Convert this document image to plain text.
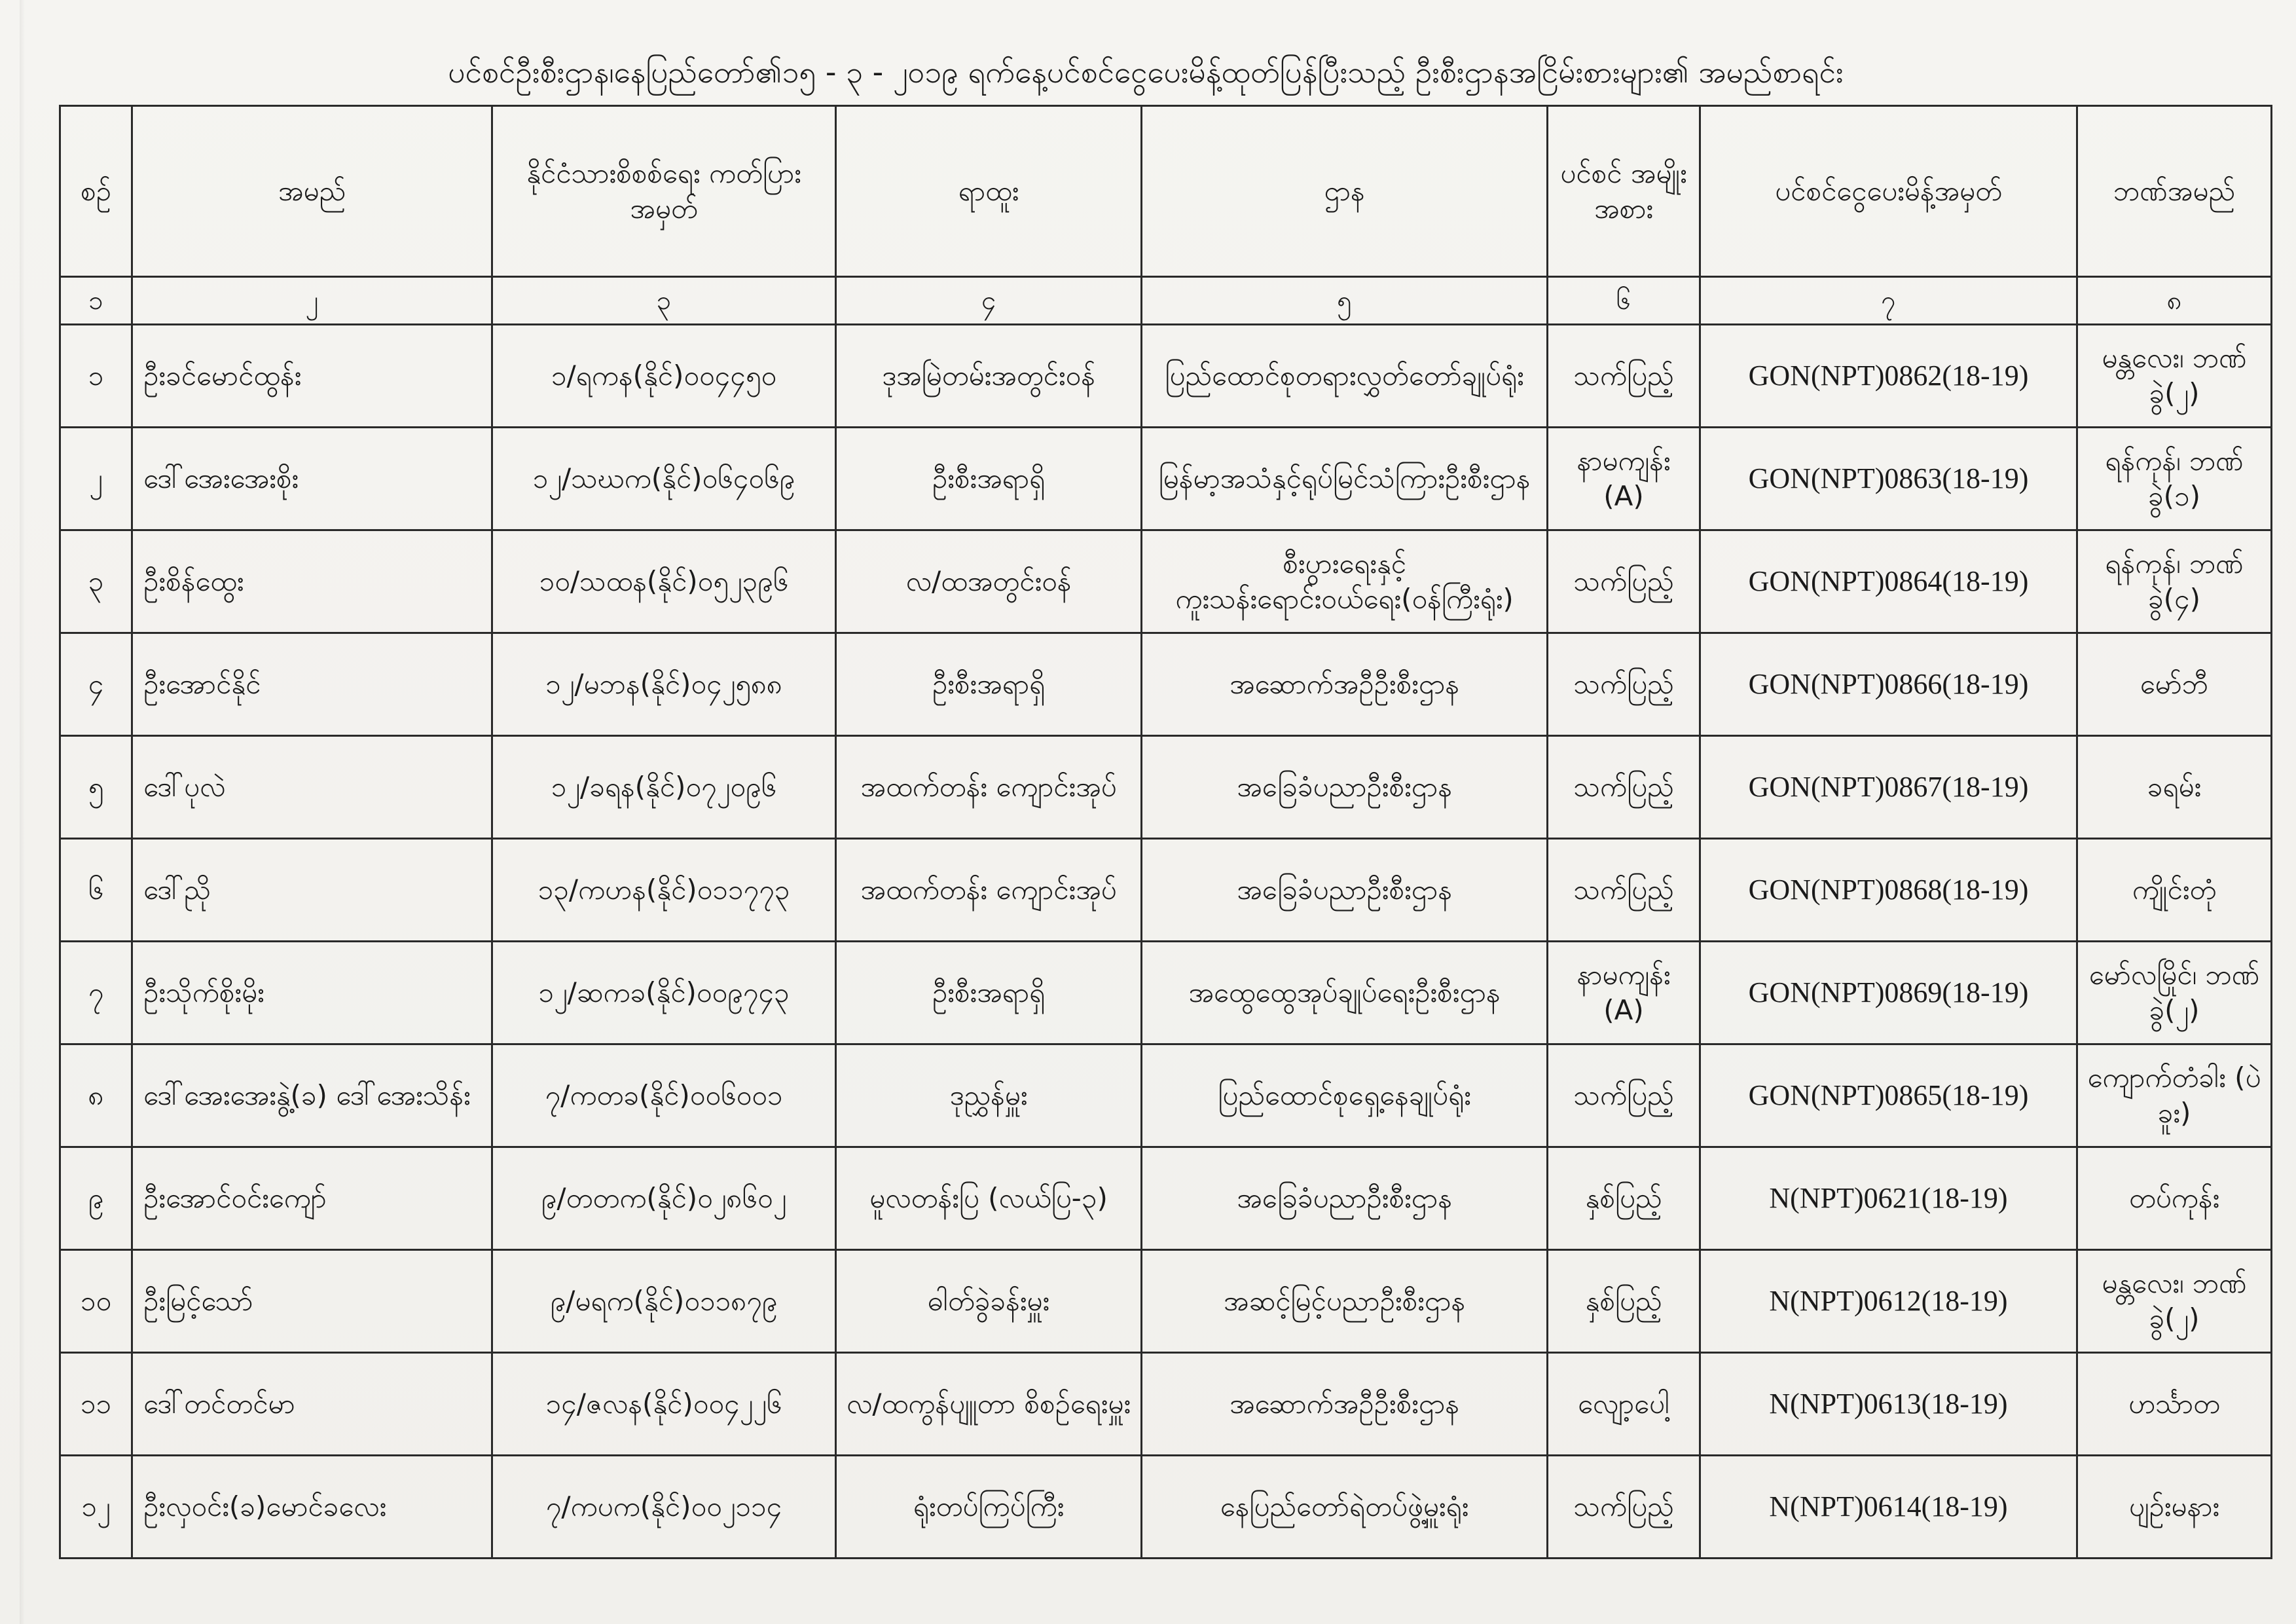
ပင်စင်ဦးစီးဌာန၊နေပြည်တော်၏၁၅ - ၃ - ၂၀၁၉ ရက်နေ့ပင်စင်ငွေပေးမိန့်ထုတ်ပြန်ပြီးသည့် ဦးစီးဌာနအငြိမ်းစားများ၏ အမည်စာရင်း
စဉ်	အမည်	နိုင်ငံသားစိစစ်ရေး ကတ်ပြားအမှတ်	ရာထူး	ဌာန	ပင်စင် အမျိုး အစား	ပင်စင်ငွေပေးမိန့်အမှတ်	ဘဏ်အမည်
၁	၂	၃	၄	၅	၆	၇	၈
၁	ဦးခင်မောင်ထွန်း	၁/ရကန(နိုင်)၀၀၄၄၅၀	ဒုအမြဲတမ်းအတွင်းဝန်	ပြည်ထောင်စုတရားလွှတ်တော်ချုပ်ရုံး	သက်ပြည့်	GON(NPT)0862(18-19)	မန္တလေး၊ ဘဏ်ခွဲ(၂)
၂	ဒေါ်အေးအေးစိုး	၁၂/သဃက(နိုင်)၀၆၄၀၆၉	ဦးစီးအရာရှိ	မြန်မာ့အသံနှင့်ရုပ်မြင်သံကြားဦးစီးဌာန	နာမကျန်း (A)	GON(NPT)0863(18-19)	ရန်ကုန်၊ ဘဏ်ခွဲ(၁)
၃	ဦးစိန်ထွေး	၁၀/သထန(နိုင်)၀၅၂၃၉၆	လ/ထအတွင်းဝန်	စီးပွားရေးနှင့်ကူးသန်းရောင်းဝယ်ရေး(ဝန်ကြီးရုံး)	သက်ပြည့်	GON(NPT)0864(18-19)	ရန်ကုန်၊ ဘဏ်ခွဲ(၄)
၄	ဦးအောင်နိုင်	၁၂/မဘန(နိုင်)၀၄၂၅၈၈	ဦးစီးအရာရှိ	အဆောက်အဦဦးစီးဌာန	သက်ပြည့်	GON(NPT)0866(18-19)	မော်ဘီ
၅	ဒေါ်ပုလဲ	၁၂/ခရန(နိုင်)၀၇၂၀၉၆	အထက်တန်း ကျောင်းအုပ်	အခြေခံပညာဦးစီးဌာန	သက်ပြည့်	GON(NPT)0867(18-19)	ခရမ်း
၆	ဒေါ်ညို	၁၃/ကဟန(နိုင်)၀၁၁၇၇၃	အထက်တန်း ကျောင်းအုပ်	အခြေခံပညာဦးစီးဌာန	သက်ပြည့်	GON(NPT)0868(18-19)	ကျိုင်းတုံ
၇	ဦးသိုက်စိုးမိုး	၁၂/ဆကခ(နိုင်)၀၀၉၇၄၃	ဦးစီးအရာရှိ	အထွေထွေအုပ်ချုပ်ရေးဦးစီးဌာန	နာမကျန်း (A)	GON(NPT)0869(18-19)	မော်လမြိုင်၊ ဘဏ်ခွဲ(၂)
၈	ဒေါ်အေးအေးနွဲ့(ခ) ဒေါ်အေးသိန်း	၇/ကတခ(နိုင်)၀၀၆၀၀၁	ဒုညွှန်မှူး	ပြည်ထောင်စုရှေ့နေချုပ်ရုံး	သက်ပြည့်	GON(NPT)0865(18-19)	ကျောက်တံခါး (ပဲခူး)
၉	ဦးအောင်ဝင်းကျော်	၉/တတက(နိုင်)၀၂၈၆၀၂	မူလတန်းပြ (လယ်ပြ-၃)	အခြေခံပညာဦးစီးဌာန	နှစ်ပြည့်	N(NPT)0621(18-19)	တပ်ကုန်း
၁၀	ဦးမြင့်သော်	၉/မရက(နိုင်)၀၁၁၈၇၉	ဓါတ်ခွဲခန်းမှူး	အဆင့်မြင့်ပညာဦးစီးဌာန	နှစ်ပြည့်	N(NPT)0612(18-19)	မန္တလေး၊ ဘဏ်ခွဲ(၂)
၁၁	ဒေါ်တင်တင်မာ	၁၄/ဇလန(နိုင်)၀၀၄၂၂၆	လ/ထကွန်ပျူတာ စိစဉ်ရေးမှူး	အဆောက်အဦဦးစီးဌာန	လျော့ပေါ့	N(NPT)0613(18-19)	ဟင်္သာတ
၁၂	ဦးလှဝင်း(ခ)မောင်ခလေး	၇/ကပက(နိုင်)၀၀၂၁၁၄	ရုံးတပ်ကြပ်ကြီး	နေပြည်တော်ရဲတပ်ဖွဲ့မှူးရုံး	သက်ပြည့်	N(NPT)0614(18-19)	ပျဉ်းမနား
